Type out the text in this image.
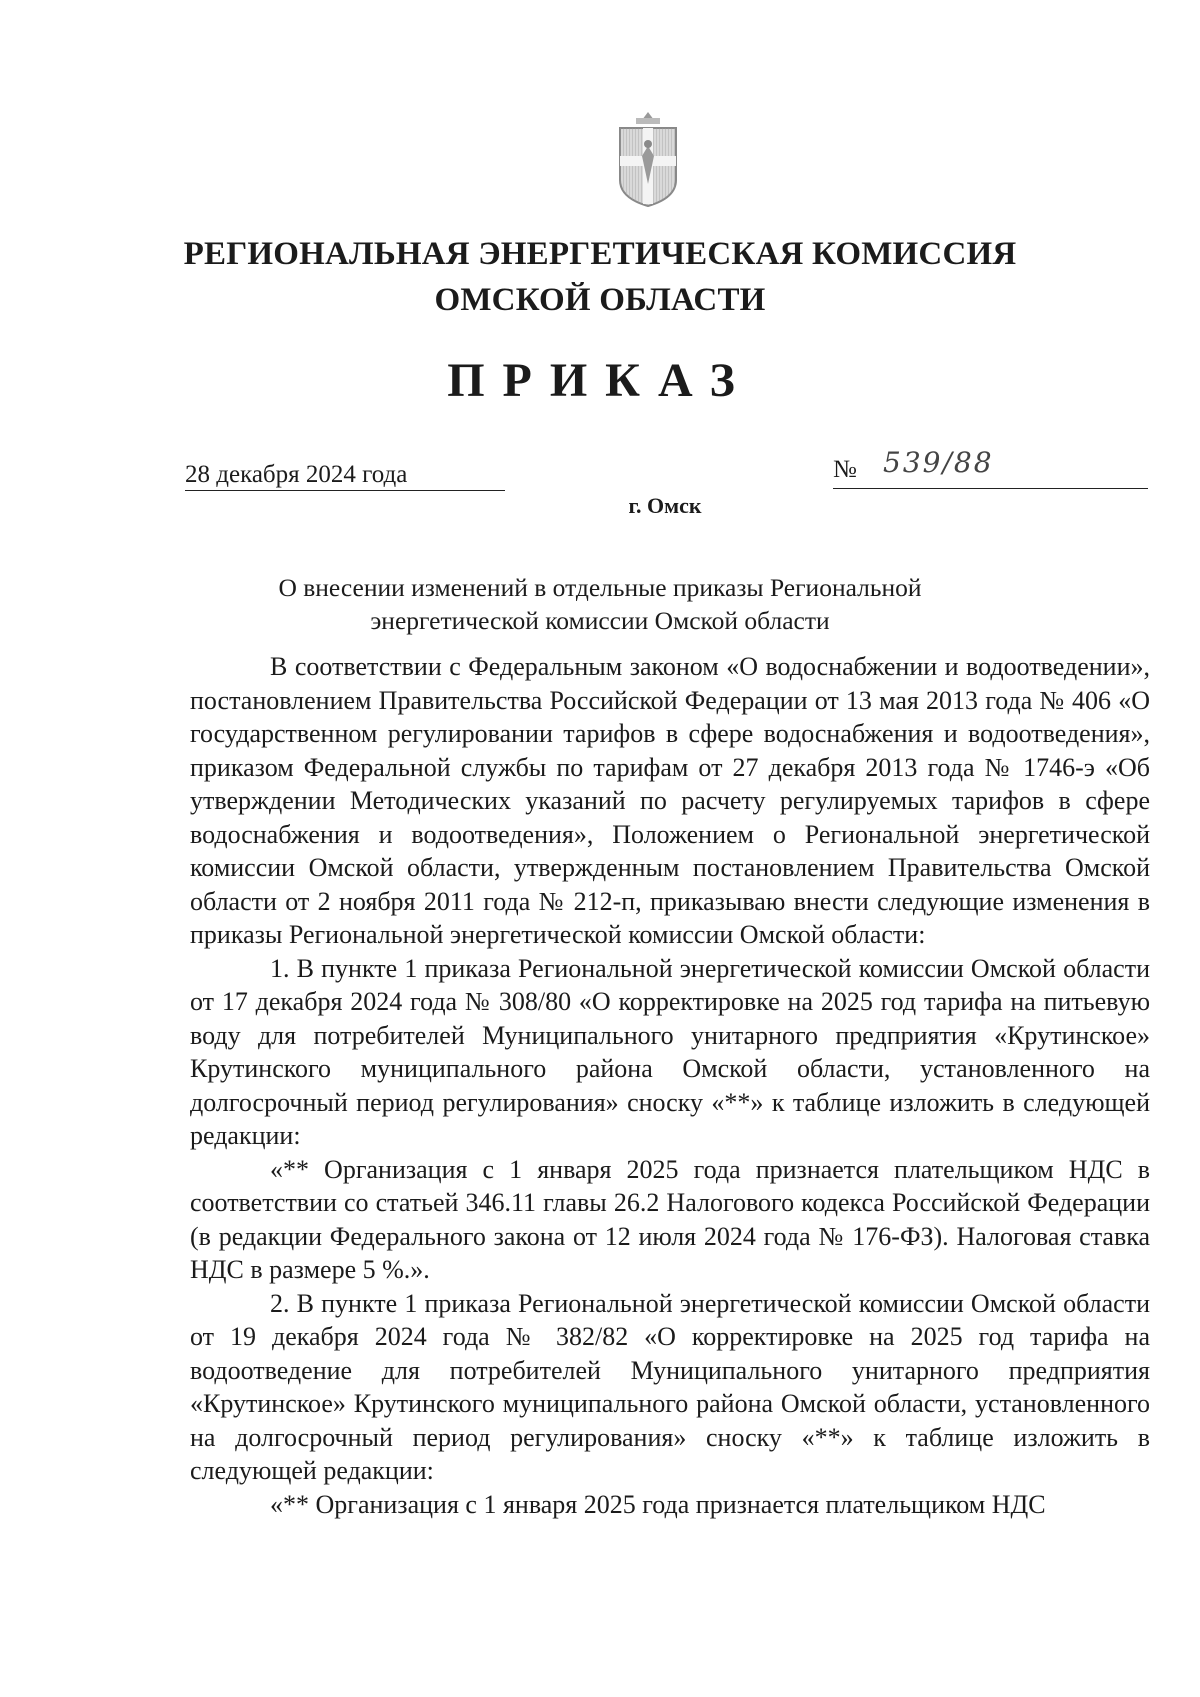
РЕГИОНАЛЬНАЯ ЭНЕРГЕТИЧЕСКАЯ КОМИССИЯ
ОМСКОЙ ОБЛАСТИ
ПРИКАЗ
28 декабря 2024 года	№ 539/88
г. Омск
О внесении изменений в отдельные приказы Региональной
энергетической комиссии Омской области

В соответствии с Федеральным законом «О водоснабжении и водоотведении», постановлением Правительства Российской Федерации от 13 мая 2013 года № 406 «О государственном регулировании тарифов в сфере водоснабжения и водоотведения», приказом Федеральной службы по тарифам от 27 декабря 2013 года № 1746-э «Об утверждении Методических указаний по расчету регулируемых тарифов в сфере водоснабжения и водоотведения», Положением о Региональной энергетической комиссии Омской области, утвержденным постановлением Правительства Омской области от 2 ноября 2011 года № 212-п, приказываю внести следующие изменения в приказы Региональной энергетической комиссии Омской области:

1. В пункте 1 приказа Региональной энергетической комиссии Омской области от 17 декабря 2024 года № 308/80 «О корректировке на 2025 год тарифа на питьевую воду для потребителей Муниципального унитарного предприятия «Крутинское» Крутинского муниципального района Омской области, установленного на долгосрочный период регулирования» сноску «**» к таблице изложить в следующей редакции:

«** Организация с 1 января 2025 года признается плательщиком НДС в соответствии со статьей 346.11 главы 26.2 Налогового кодекса Российской Федерации (в редакции Федерального закона от 12 июля 2024 года № 176-ФЗ). Налоговая ставка НДС в размере 5 %.».

2. В пункте 1 приказа Региональной энергетической комиссии Омской области от 19 декабря 2024 года № 382/82 «О корректировке на 2025 год тарифа на водоотведение для потребителей Муниципального унитарного предприятия «Крутинское» Крутинского муниципального района Омской области, установленного на долгосрочный период регулирования» сноску «**» к таблице изложить в следующей редакции:

«** Организация с 1 января 2025 года признается плательщиком НДС
